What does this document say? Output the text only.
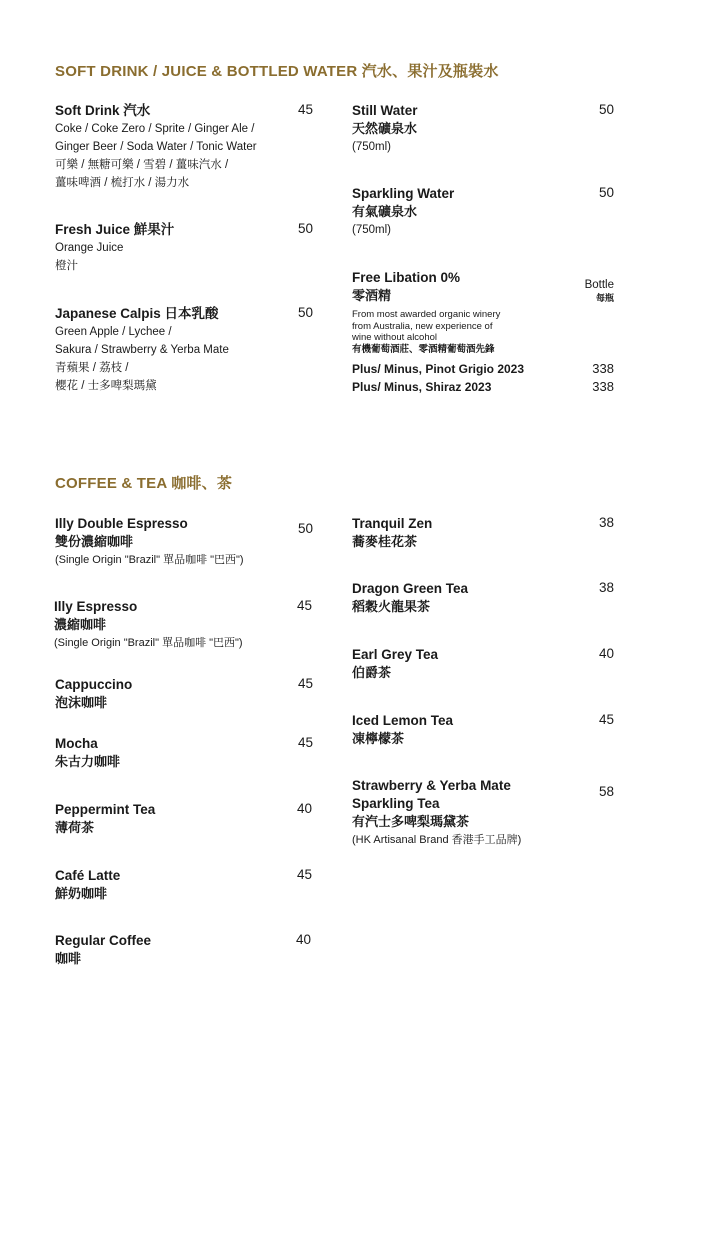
SOFT DRINK / JUICE & BOTTLED WATER 汽水、果汁及瓶裝水
Soft Drink 汽水
Coke / Coke Zero / Sprite / Ginger Ale /
Ginger Beer / Soda Water / Tonic Water
可樂 / 無糖可樂 / 雪碧 / 薑味汽水 /
薑味啤酒 / 梳打水 / 湯力水
45
Fresh Juice 鮮果汁
Orange Juice
橙汁
50
Japanese Calpis 日本乳酸
Green Apple / Lychee /
Sakura / Strawberry & Yerba Mate
青蘋果 / 荔枝 /
櫻花 / 士多啤梨瑪黛
50
Still Water
天然礦泉水
(750ml)
50
Sparkling Water
有氣礦泉水
(750ml)
50
Free Libation 0%
零酒精
From most awarded organic winery
from Australia, new experience of
wine without alcohol
有機葡萄酒莊、零酒精葡萄酒先鋒
Bottle
每瓶
Plus/ Minus, Pinot Grigio 2023	338
Plus/ Minus, Shiraz 2023	338
COFFEE & TEA 咖啡、茶
Illy Double Espresso
雙份濃縮咖啡
(Single Origin "Brazil" 單品咖啡 "巴西")
50
Illy Espresso
濃縮咖啡
(Single Origin "Brazil" 單品咖啡 "巴西")
45
Cappuccino
泡沫咖啡
45
Mocha
朱古力咖啡
45
Peppermint Tea
薄荷茶
40
Café Latte
鮮奶咖啡
45
Regular Coffee
咖啡
40
Tranquil Zen
蕎麥桂花茶
38
Dragon Green Tea
稻穀火龍果茶
38
Earl Grey Tea
伯爵茶
40
Iced Lemon Tea
凍檸檬茶
45
Strawberry & Yerba Mate
Sparkling Tea
有汽士多啤梨瑪黛茶
(HK Artisanal Brand 香港手工品牌)
58
